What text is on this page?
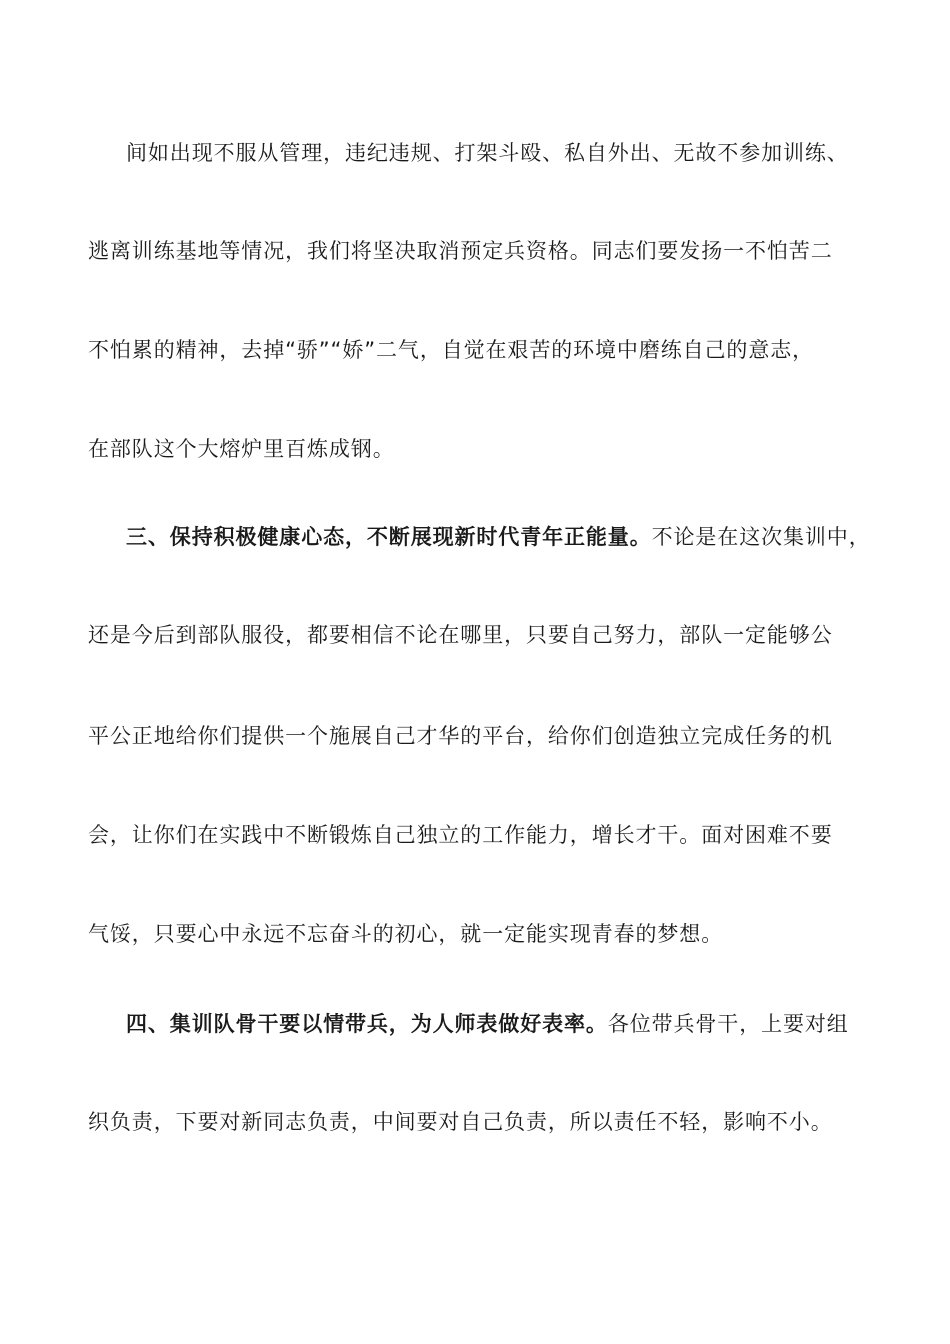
间如出现不服从管理，违纪违规、打架斗殴、私自外出、无故不参加训练、
逃离训练基地等情况，我们将坚决取消预定兵资格。同志们要发扬一不怕苦二
不怕累的精神，去掉“骄”“娇”二气，自觉在艰苦的环境中磨练自己的意志，
在部队这个大熔炉里百炼成钢。
三、保持积极健康心态，不断展现新时代青年正能量。不论是在这次集训中，
还是今后到部队服役，都要相信不论在哪里，只要自己努力，部队一定能够公
平公正地给你们提供一个施展自己才华的平台，给你们创造独立完成任务的机
会，让你们在实践中不断锻炼自己独立的工作能力，增长才干。面对困难不要
气馁，只要心中永远不忘奋斗的初心，就一定能实现青春的梦想。
四、集训队骨干要以情带兵，为人师表做好表率。各位带兵骨干，上要对组
织负责，下要对新同志负责，中间要对自己负责，所以责任不轻，影响不小。
